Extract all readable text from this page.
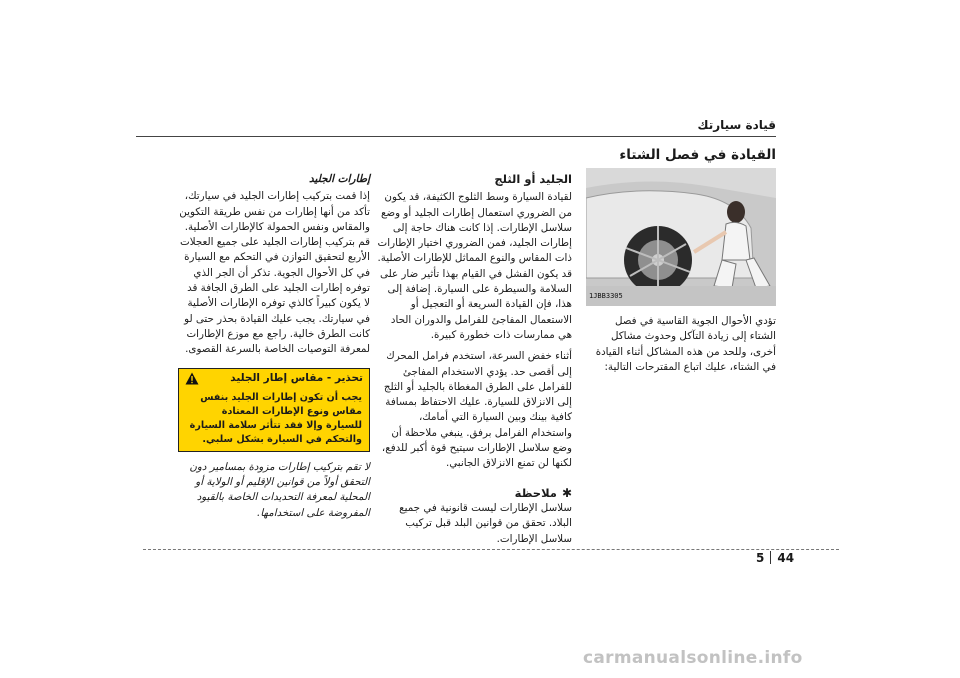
قيادة سيارتك
القيادة في فصل الشتاء
1JBB3305

تؤدي الأحوال الجوية القاسية في فصل الشتاء إلى زيادة التآكل وحدوث مشاكل أخرى، وللحد من هذه المشاكل أثناء القيادة في الشتاء، عليك اتباع المقترحات التالية:

الجليد أو الثلج

لقيادة السيارة وسط الثلوج الكثيفة، قد يكون من الضروري استعمال إطارات الجليد أو وضع سلاسل الإطارات. إذا كانت هناك حاجة إلى إطارات الجليد، فمن الضروري اختيار الإطارات ذات المقاس والنوع المماثل للإطارات الأصلية. قد يكون الفشل في القيام بهذا تأثير ضار على السلامة والسيطرة على السيارة. إضافة إلى هذا، فإن القيادة السريعة أو التعجيل أو الاستعمال المفاجئ للفرامل والدوران الحاد هي ممارسات ذات خطورة كبيرة.

أثناء خفض السرعة، استخدم فرامل المحرك إلى أقصى حد. يؤدي الاستخدام المفاجئ للفرامل على الطرق المغطاة بالجليد أو الثلج إلى الانزلاق للسيارة. عليك الاحتفاظ بمسافة كافية بينك وبين السيارة التي أمامك، واستخدام الفرامل برفق. ينبغي ملاحظة أن وضع سلاسل الإطارات سيتيح قوة أكبر للدفع، لكنها لن تمنع الانزلاق الجانبي.

✱
ملاحظة

سلاسل الإطارات ليست قانونية في جميع البلاد. تحقق من قوانين البلد قبل تركيب سلاسل الإطارات.

إطارات الجليد

إذا قمت بتركيب إطارات الجليد في سيارتك، تأكد من أنها إطارات من نفس طريقة التكوين والمقاس ونفس الحمولة كالإطارات الأصلية. قم بتركيب إطارات الجليد على جميع العجلات الأربع لتحقيق التوازن في التحكم مع السيارة في كل الأحوال الجوية. تذكر أن الجر الذي توفره إطارات الجليد على الطرق الجافة قد لا يكون كبيراً كالذي توفره الإطارات الأصلية في سيارتك. يجب عليك القيادة بحذر حتى لو كانت الطرق خالية. راجع مع موزع الإطارات لمعرفة التوصيات الخاصة بالسرعة القصوى.

تحذير - مقاس إطار الجليد
يجب أن تكون إطارات الجليد بنفس مقاس ونوع الإطارات المعتادة للسيارة وإلا فقد تتأثر سلامة السيارة والتحكم في السيارة بشكل سلبي.

لا تقم بتركيب إطارات مزودة بمسامير دون التحقق أولاً من قوانين الإقليم أو الولاية أو المحلية لمعرفة التحديدات الخاصة بالقيود المفروضة على استخدامها.

5 44
carmanualsonline.info
